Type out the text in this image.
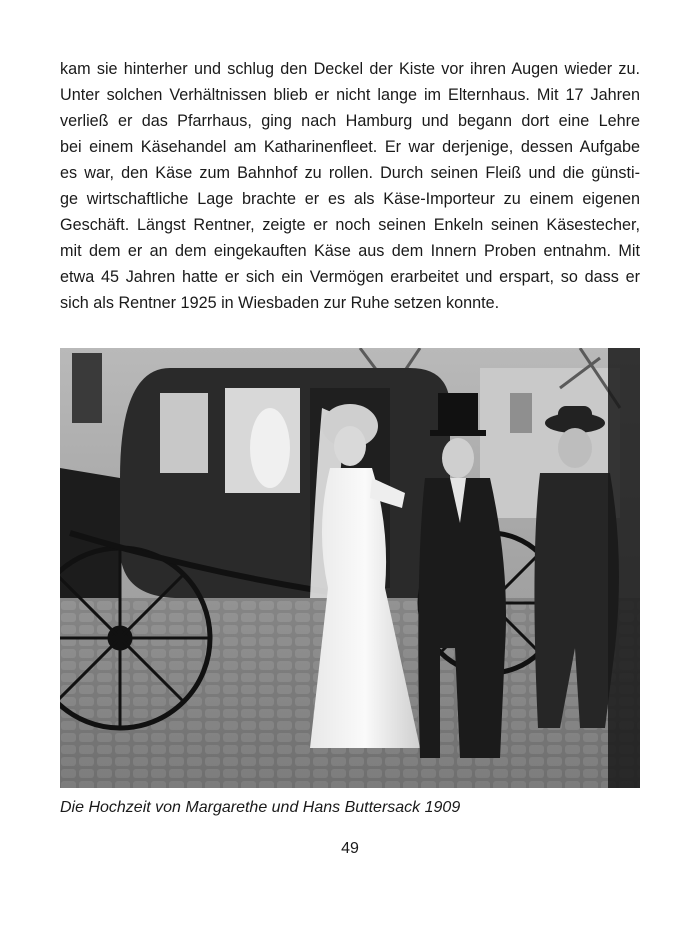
kam sie hinterher und schlug den Deckel der Kiste vor ihren Augen wieder zu.
Unter solchen Verhältnissen blieb er nicht lange im Elternhaus. Mit 17 Jahren
verließ er das Pfarrhaus, ging nach Hamburg und begann dort eine Lehre
bei einem Käsehandel am Katharinenfleet. Er war derjenige, dessen Aufgabe
es war, den Käse zum Bahnhof zu rollen. Durch seinen Fleiß und die günsti-
ge wirtschaftliche Lage brachte er es als Käse-Importeur zu einem eigenen
Geschäft. Längst Rentner, zeigte er noch seinen Enkeln seinen Käsestecher,
mit dem er an dem eingekauften Käse aus dem Innern Proben entnahm. Mit
etwa 45 Jahren hatte er sich ein Vermögen erarbeitet und erspart, so dass er
sich als Rentner 1925 in Wiesbaden zur Ruhe setzen konnte.
Die Hochzeit von Margarethe und Hans Buttersack 1909
49
